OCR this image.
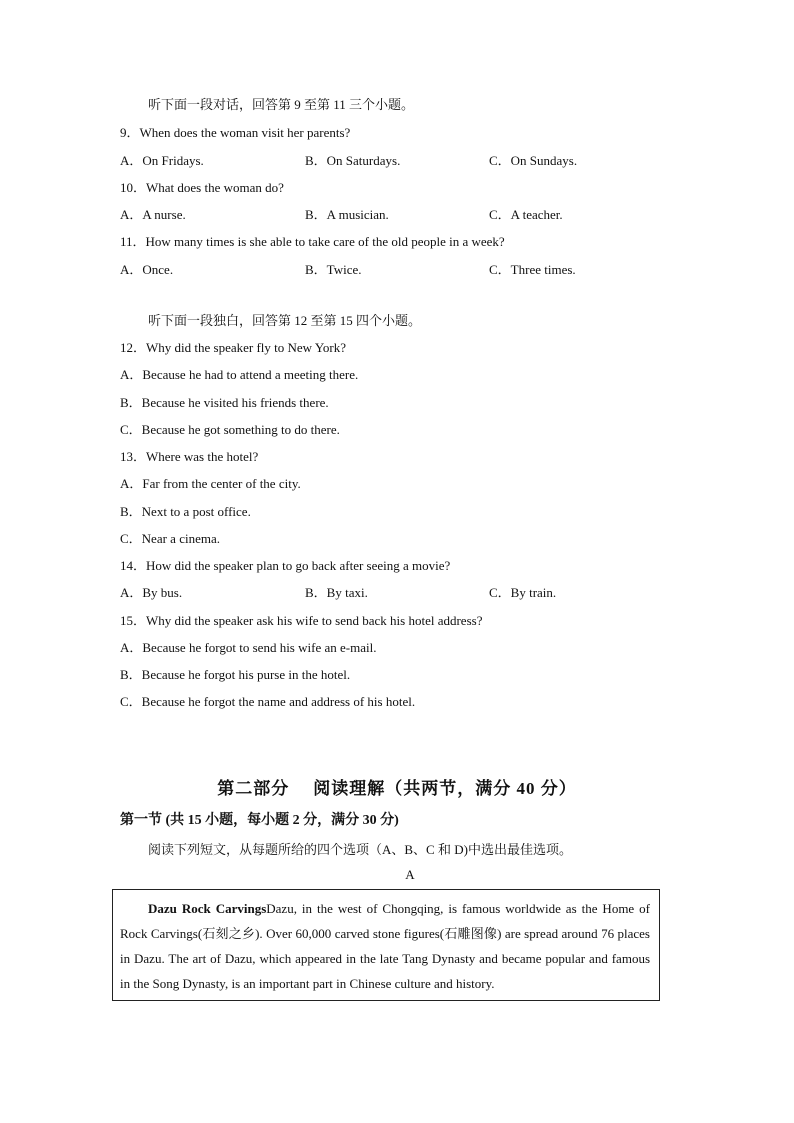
听下面一段对话，回答第 9 至第 11 三个小题。
9．When does the woman visit her parents?
A．On Fridays.	B．On Saturdays.	C．On Sundays.
10．What does the woman do?
A．A nurse.	B．A musician.	C．A teacher.
11．How many times is she able to take care of the old people in a week?
A．Once.	B．Twice.	C．Three times.
听下面一段独白，回答第 12 至第 15 四个小题。
12．Why did the speaker fly to New York?
A．Because he had to attend a meeting there.
B．Because he visited his friends there.
C．Because he got something to do there.
13．Where was the hotel?
A．Far from the center of the city.
B．Next to a post office.
C．Near a cinema.
14．How did the speaker plan to go back after seeing a movie?
A．By bus.	B．By taxi.	C．By train.
15．Why did the speaker ask his wife to send back his hotel address?
A．Because he forgot to send his wife an e-mail.
B．Because he forgot his purse in the hotel.
C．Because he forgot the name and address of his hotel.
第二部分 阅读理解（共两节，满分 40 分）
第一节 (共 15 小题，每小题 2 分，满分 30 分)
阅读下列短文，从每题所给的四个选项（A、B、C 和 D)中选出最佳选项。
A
Dazu Rock CarvingsDazu, in the west of Chongqing, is famous worldwide as the Home of Rock Carvings(石刻之乡). Over 60,000 carved stone figures(石雕图像) are spread around 76 places in Dazu. The art of Dazu, which appeared in the late Tang Dynasty and became popular and famous in the Song Dynasty, is an important part in Chinese culture and history.
